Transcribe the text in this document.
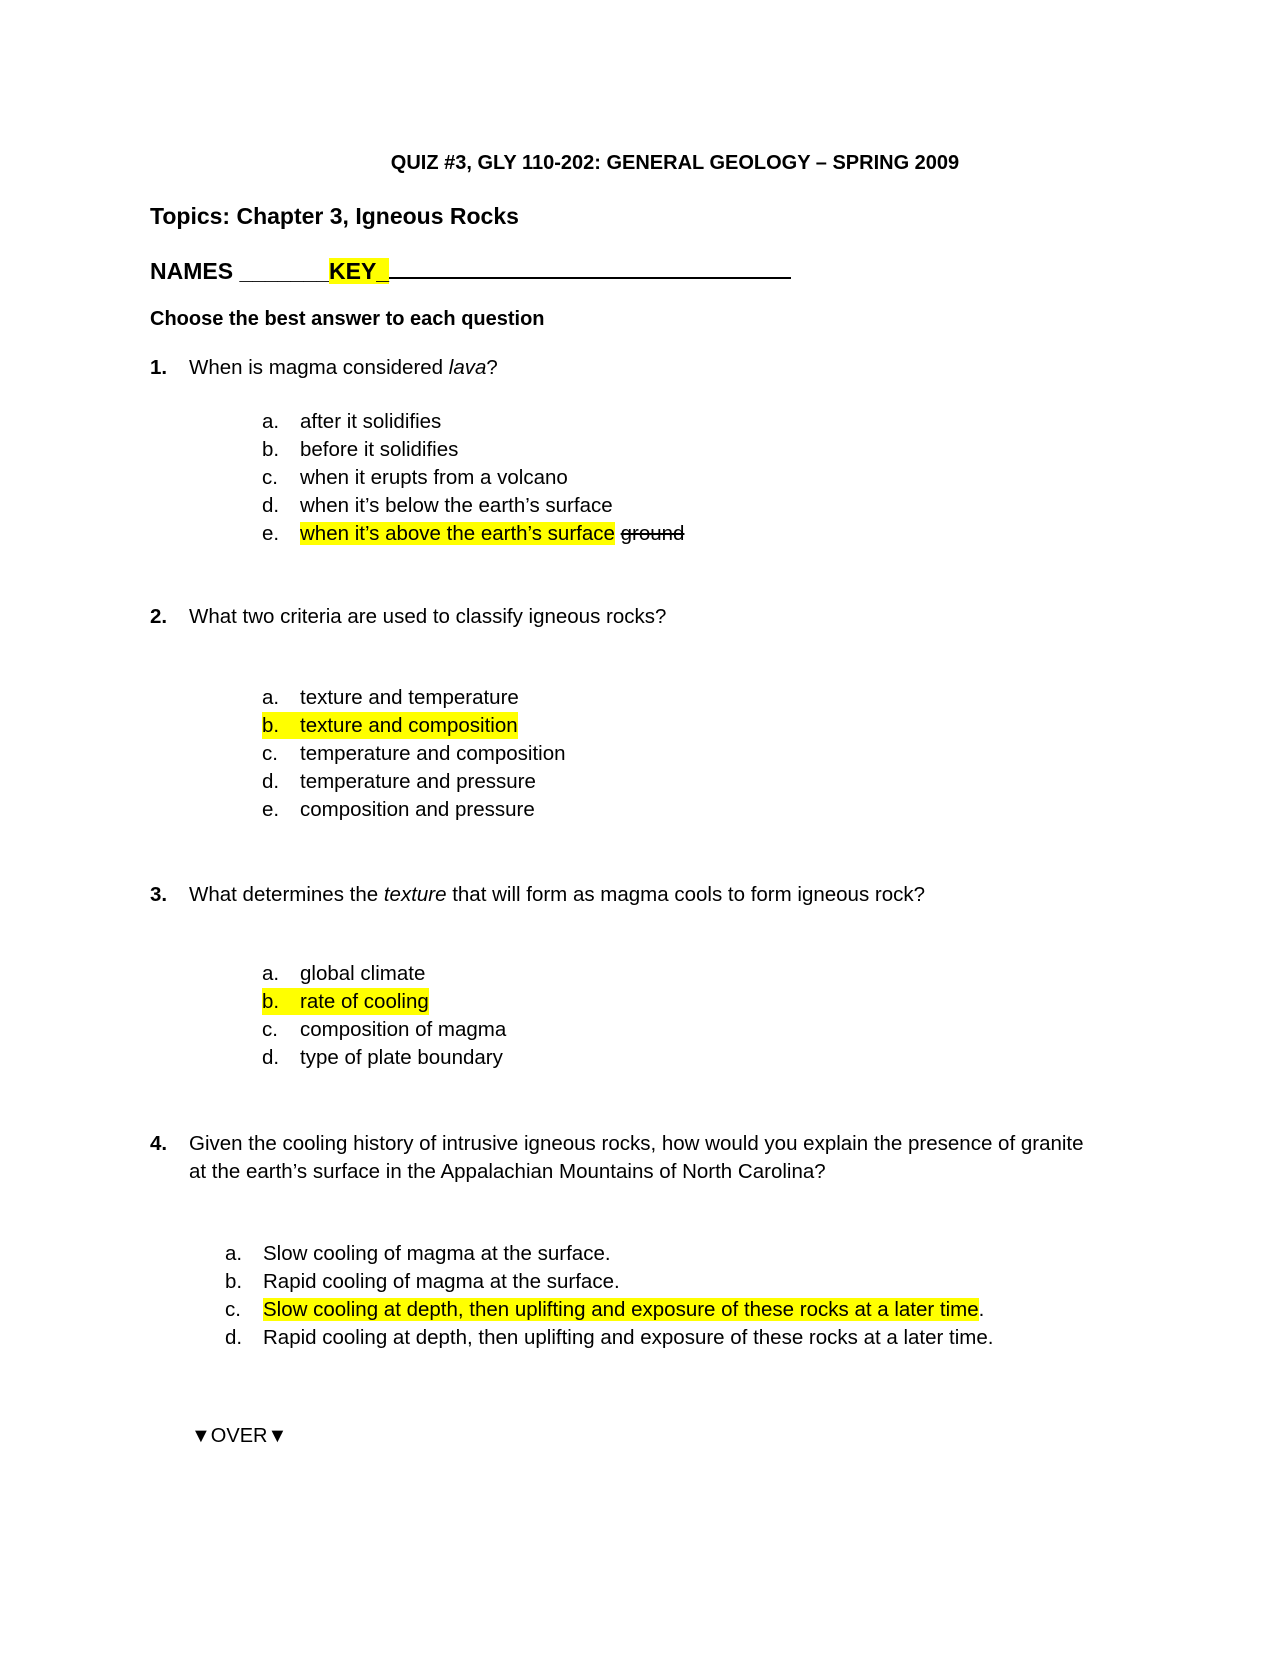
QUIZ #3, GLY 110-202: GENERAL GEOLOGY – SPRING 2009
Topics: Chapter 3, Igneous Rocks
NAMES _______KEY_
Choose the best answer to each question
1. When is magma considered lava?
a. after it solidifies
b. before it solidifies
c. when it erupts from a volcano
d. when it’s below the earth’s surface
e. when it’s above the earth’s surface ground
2. What two criteria are used to classify igneous rocks?
a. texture and temperature
b. texture and composition
c. temperature and composition
d. temperature and pressure
e. composition and pressure
3. What determines the texture that will form as magma cools to form igneous rock?
a. global climate
b. rate of cooling
c. composition of magma
d. type of plate boundary
4. Given the cooling history of intrusive igneous rocks, how would you explain the presence of granite
at the earth’s surface in the Appalachian Mountains of North Carolina?
a. Slow cooling of magma at the surface.
b. Rapid cooling of magma at the surface.
c. Slow cooling at depth, then uplifting and exposure of these rocks at a later time.
d. Rapid cooling at depth, then uplifting and exposure of these rocks at a later time.
▼OVER▼
